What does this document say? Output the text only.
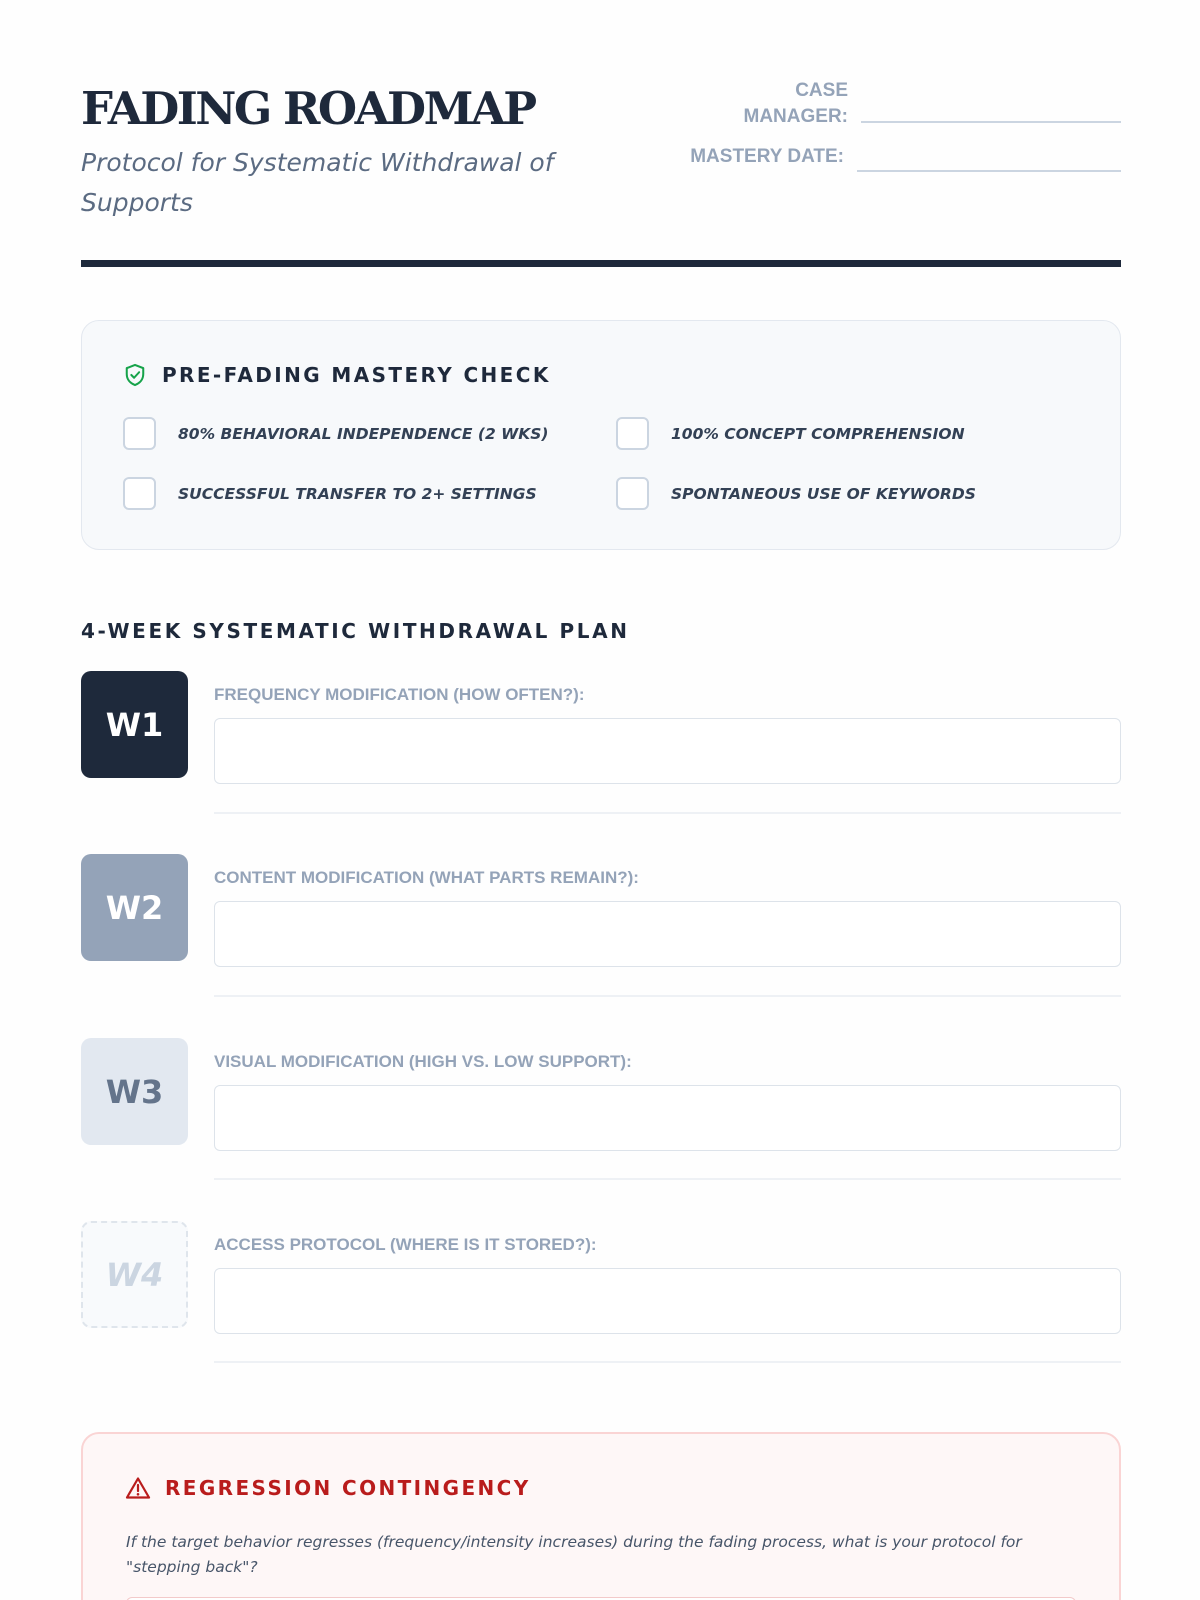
FADING ROADMAP
Protocol for Systematic Withdrawal of Supports
CASE
MANAGER:
MASTERY DATE:
PRE-FADING MASTERY CHECK
80% BEHAVIORAL INDEPENDENCE (2 WKS)	100% CONCEPT COMPREHENSION
SUCCESSFUL TRANSFER TO 2+ SETTINGS	SPONTANEOUS USE OF KEYWORDS
4-WEEK SYSTEMATIC WITHDRAWAL PLAN
W1
FREQUENCY MODIFICATION (HOW OFTEN?):
W2
CONTENT MODIFICATION (WHAT PARTS REMAIN?):
W3
VISUAL MODIFICATION (HIGH VS. LOW SUPPORT):
W4
ACCESS PROTOCOL (WHERE IS IT STORED?):
REGRESSION CONTINGENCY
If the target behavior regresses (frequency/intensity increases) during the fading process, what is your protocol for "stepping back"?
